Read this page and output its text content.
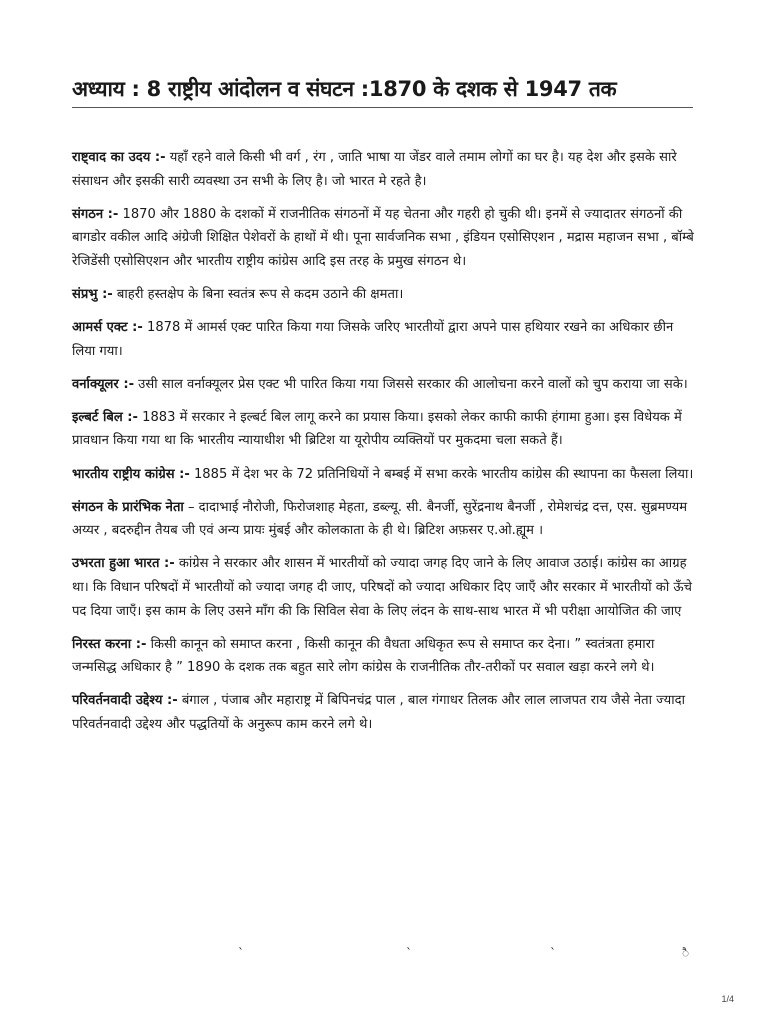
अध्याय : 8 राष्ट्रीय आंदोलन व संघटन :1870 के दशक से 1947 तक

राष्ट्वाद का उदय :- यहाँ रहने वाले किसी भी वर्ग , रंग , जाति भाषा या जेंडर वाले तमाम लोगों का घर है। यह देश और इसके सारे संसाधन और इसकी सारी व्यवस्था उन सभी के लिए है। जो भारत मे रहते है।

संगठन :- 1870 और 1880 के दशकों में राजनीतिक संगठनों में यह चेतना और गहरी हो चुकी थी। इनमें से ज्यादातर संगठनों की बागडोर वकील आदि अंग्रेजी शिक्षित पेशेवरों के हाथों में थी। पूना सार्वजनिक सभा , इंडियन एसोसिएशन , मद्रास महाजन सभा , बॉम्बे रेजिडेंसी एसोसिएशन और भारतीय राष्ट्रीय कांग्रेस आदि इस तरह के प्रमुख संगठन थे।

संप्रभु :- बाहरी हस्तक्षेप के बिना स्वतंत्र रूप से कदम उठाने की क्षमता।

आमर्स एक्ट :- 1878 में आमर्स एक्ट पारित किया गया जिसके जरिए भारतीयों द्वारा अपने पास हथियार रखने का अधिकार छीन लिया गया।

वर्नाक्यूलर :- उसी साल वर्नाक्यूलर प्रेस एक्ट भी पारित किया गया जिससे सरकार की आलोचना करने वालों को चुप कराया जा सके।

इल्बर्ट बिल :- 1883 में सरकार ने इल्बर्ट बिल लागू करने का प्रयास किया। इसको लेकर काफी काफी हंगामा हुआ। इस विधेयक में प्रावधान किया गया था कि भारतीय न्यायाधीश भी ब्रिटिश या यूरोपीय व्यक्तियों पर मुकदमा चला सकते हैं।

भारतीय राष्ट्रीय कांग्रेस :- 1885 में देश भर के 72 प्रतिनिधियों ने बम्बई में सभा करके भारतीय कांग्रेस की स्थापना का फैसला लिया।

संगठन के प्रारंभिक नेता – दादाभाई नौरोजी, फिरोजशाह मेहता, डब्ल्यू. सी. बैनर्जी, सुरेंद्रनाथ बैनर्जी , रोमेशचंद्र दत्त, एस. सुब्रमण्यम अय्यर , बदरुद्दीन तैयब जी एवं अन्य प्रायः मुंबई और कोलकाता के ही थे। ब्रिटिश अफ़सर ए.ओ.ह्यूम ।

उभरता हुआ भारत :- कांग्रेस ने सरकार और शासन में भारतीयों को ज्यादा जगह दिए जाने के लिए आवाज उठाई। कांग्रेस का आग्रह था। कि विधान परिषदों में भारतीयों को ज्यादा जगह दी जाए, परिषदों को ज्यादा अधिकार दिए जाएँ और सरकार में भारतीयों को ऊँचे पद दिया जाएँ। इस काम के लिए उसने माँग की कि सिविल सेवा के लिए लंदन के साथ-साथ भारत में भी परीक्षा आयोजित की जाए

निरस्त करना :- किसी कानून को समाप्त करना , किसी कानून की वैधता अधिकृत रूप से समाप्त कर देना। ” स्वतंत्रता हमारा जन्मसिद्ध अधिकार है ” 1890 के दशक तक बहुत सारे लोग कांग्रेस के राजनीतिक तौर-तरीकों पर सवाल खड़ा करने लगे थे।

परिवर्तनवादी उद्देश्य :- बंगाल , पंजाब और महाराष्ट्र में बिपिनचंद्र पाल , बाल गंगाधर तिलक और लाल लाजपत राय जैसे नेता ज्यादा परिवर्तनवादी उद्देश्य और पद्धतियों के अनुरूप काम करने लगे थे।

`	`	`	ै
1/4
